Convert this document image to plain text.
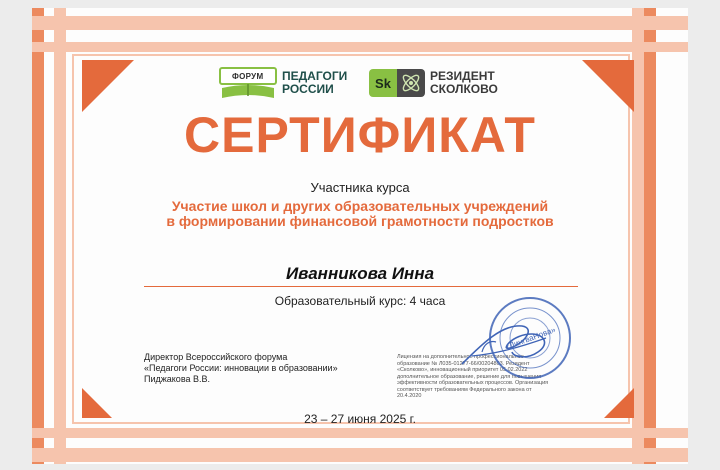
ФОРУМ ПЕДАГОГИ
РОССИИ	Sk	РЕЗИДЕНТ
СКОЛКОВО
СЕРТИФИКАТ
Участника курса
Участие школ и других образовательных учреждений
в формировании финансовой грамотности подростков
Иванникова Инна
Образовательный курс: 4 часа
Директор Всероссийского форума
«Педагоги России: инновации в образовании»
Пиджакова В.В.
Лицензия на дополнительное профессиональное образование № Л035-01277-66/00204803. Резидент «Сколково», инновационный приоритет 05.02.2022 дополнительное образование, решение для повышения эффективности образовательных процессов. Организация соответствует требованиям Федерального закона от 20.4.2020
«ЛингваНова»
23 – 27 июня 2025 г.
